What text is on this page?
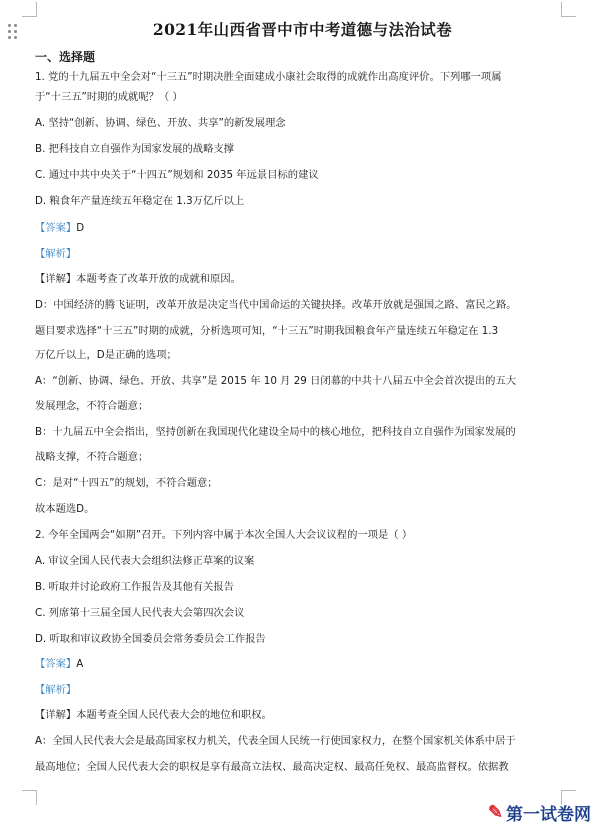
2021年山西省晋中市中考道德与法治试卷
一、选择题

1. 党的十九届五中全会对“十三五”时期决胜全面建成小康社会取得的成就作出高度评价。下列哪一项属

于“十三五”时期的成就呢？（ ）

A. 坚持“创新、协调、绿色、开放、共享”的新发展理念

B. 把科技自立自强作为国家发展的战略支撑

C. 通过中共中央关于“十四五”规划和 2035 年远景目标的建议

D. 粮食年产量连续五年稳定在 1.3万亿斤以上

【答案】D

【解析】

【详解】本题考查了改革开放的成就和原因。

D：中国经济的腾飞证明，改革开放是决定当代中国命运的关键抉择。改革开放就是强国之路、富民之路。

题目要求选择“十三五”时期的成就，分析选项可知，“十三五”时期我国粮食年产量连续五年稳定在 1.3

万亿斤以上，D是正确的选项；

A：“创新、协调、绿色、开放、共享”是 2015 年 10 月 29 日闭幕的中共十八届五中全会首次提出的五大

发展理念，不符合题意；

B：十九届五中全会指出，坚持创新在我国现代化建设全局中的核心地位，把科技自立自强作为国家发展的

战略支撑，不符合题意；

C：是对“十四五”的规划，不符合题意；

故本题选D。

2. 今年全国两会“如期”召开。下列内容中属于本次全国人大会议议程的一项是（ ）

A. 审议全国人民代表大会组织法修正草案的议案

B. 听取并讨论政府工作报告及其他有关报告

C. 列席第十三届全国人民代表大会第四次会议

D. 听取和审议政协全国委员会常务委员会工作报告

【答案】A

【解析】

【详解】本题考查全国人民代表大会的地位和职权。

A：全国人民代表大会是最高国家权力机关，代表全国人民统一行使国家权力，在整个国家机关体系中居于

最高地位；全国人民代表大会的职权是享有最高立法权、最高决定权、最高任免权、最高监督权。依据教

✎ 第一试卷网
